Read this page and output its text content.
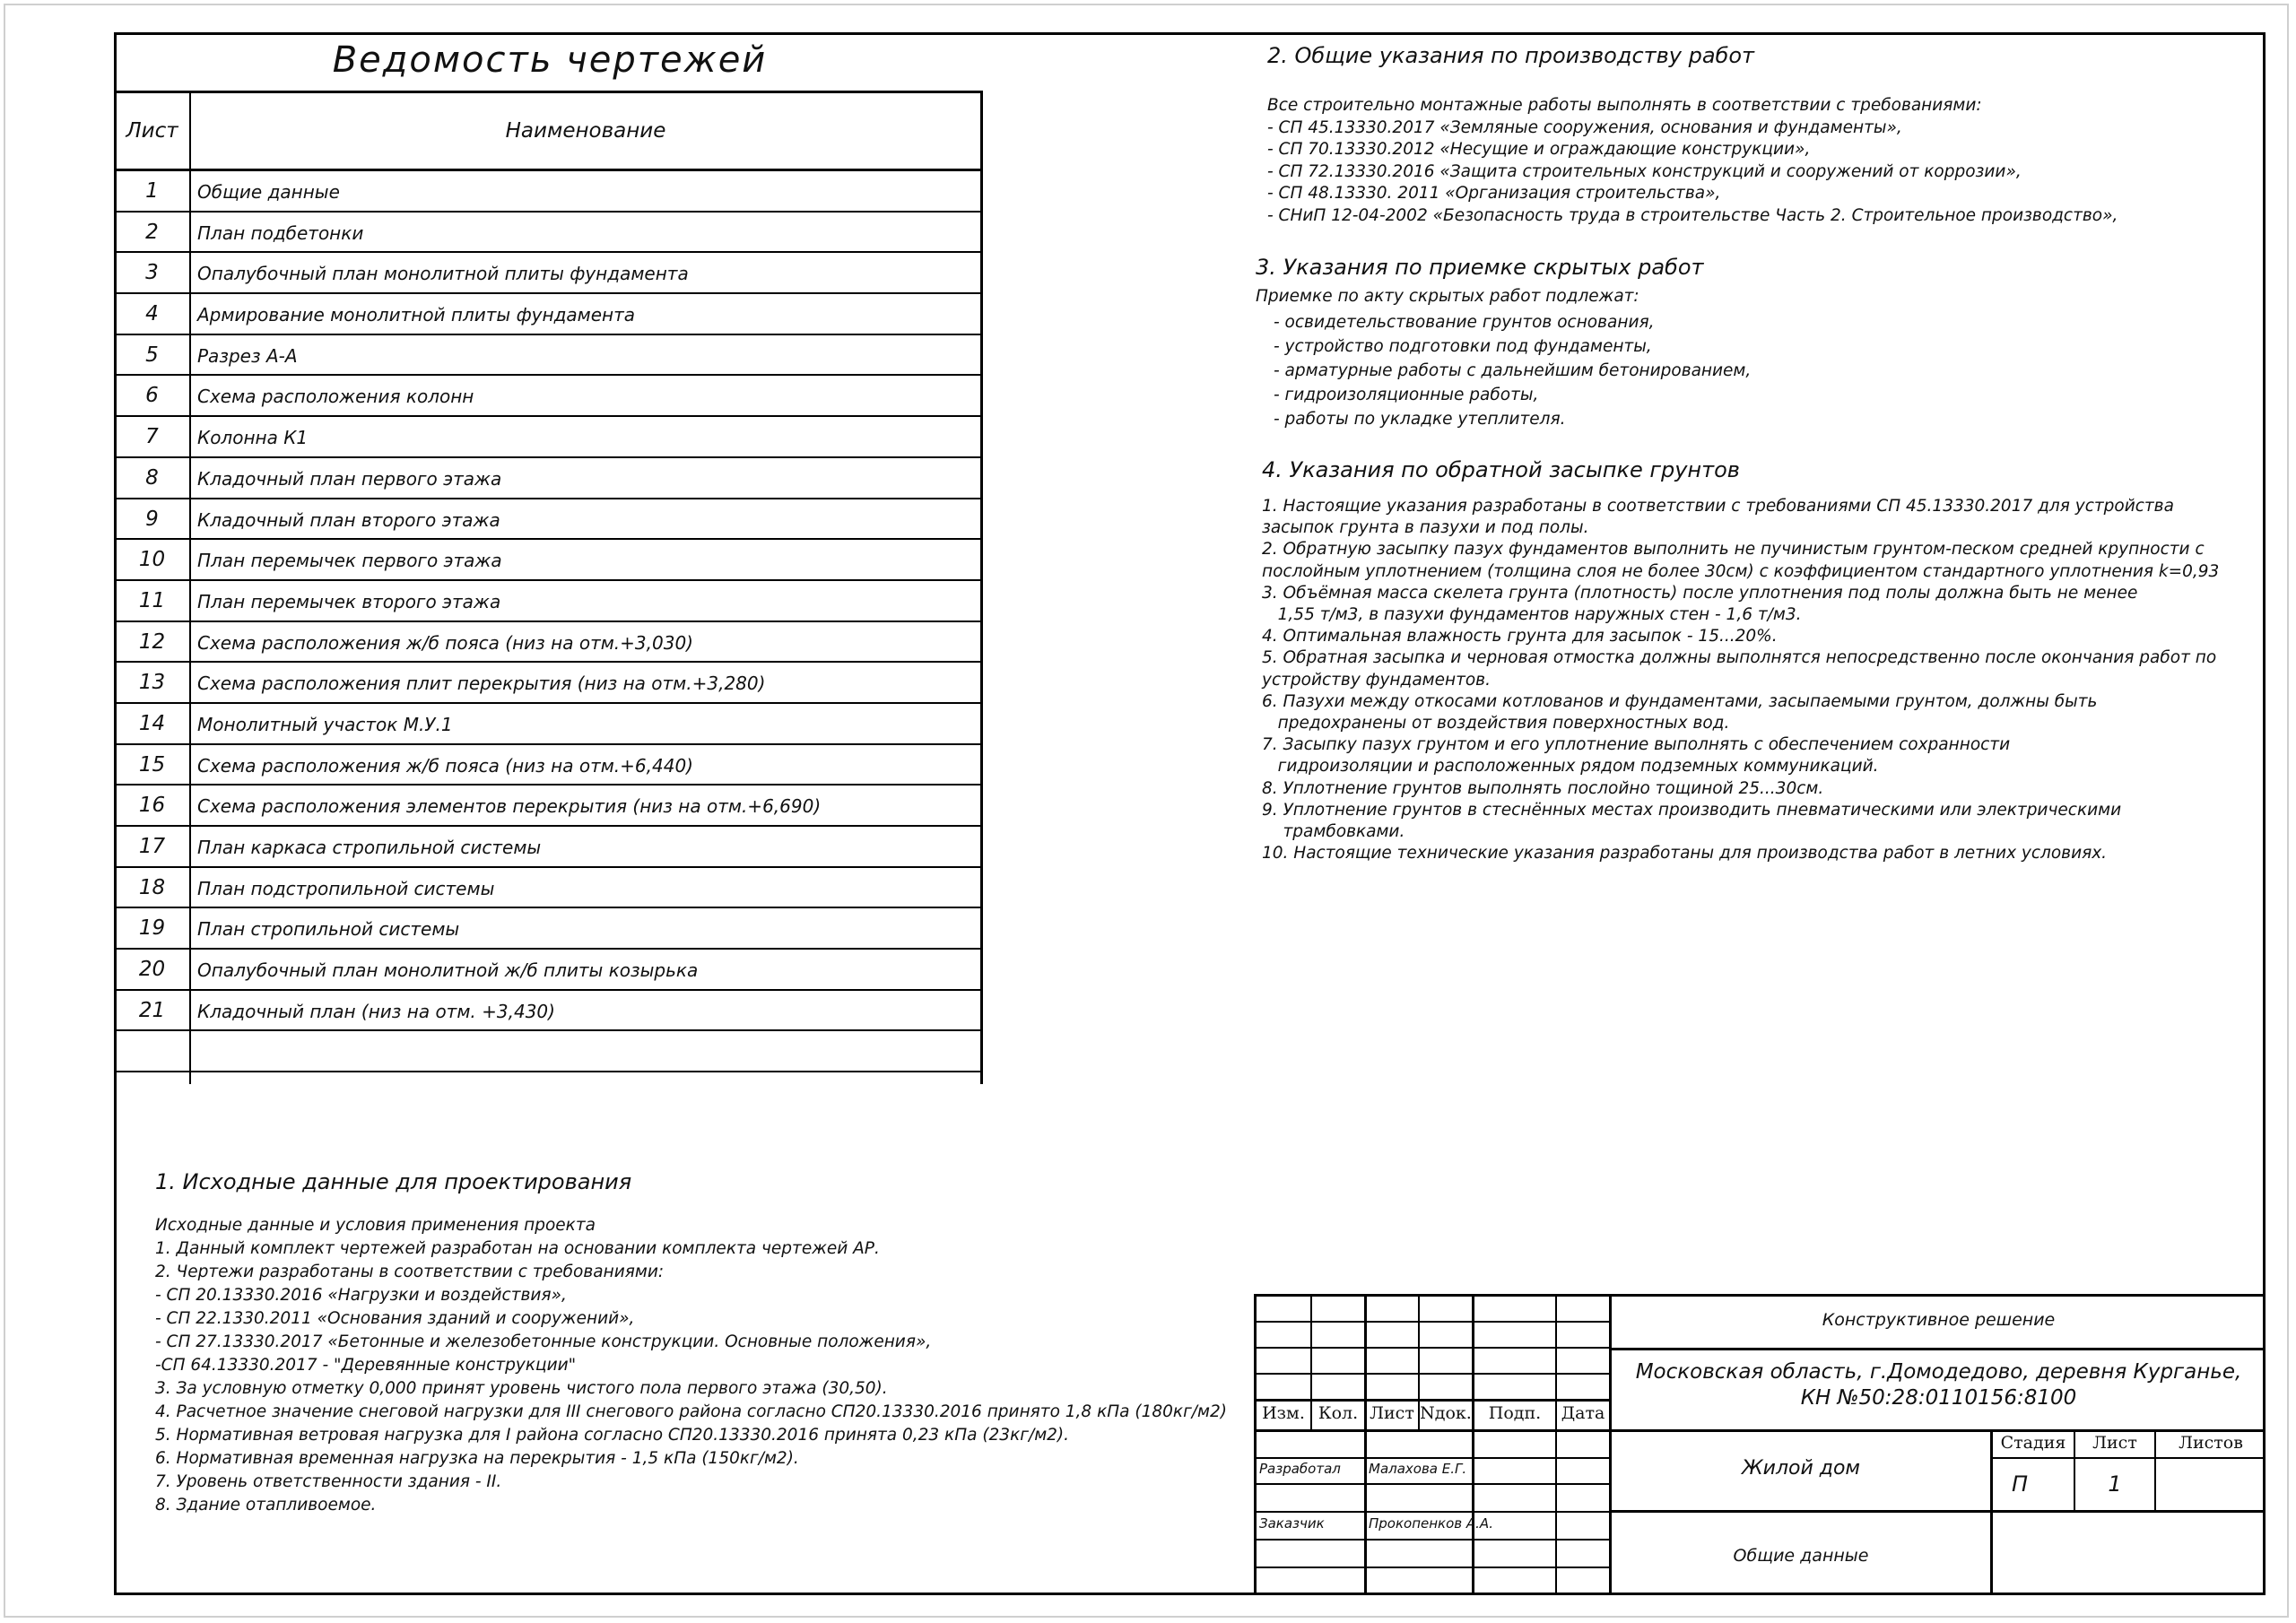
Ведомость чертежей
Лист	Наименование
1	Общие данные
2	План подбетонки
3	Опалубочный план монолитной плиты фундамента
4	Армирование монолитной плиты фундамента
5	Разрез А-А
6	Схема расположения колонн
7	Колонна К1
8	Кладочный план первого этажа
9	Кладочный план второго этажа
10	План перемычек первого этажа
11	План перемычек второго этажа
12	Схема расположения ж/б пояса (низ на отм.+3,030)
13	Схема расположения плит перекрытия (низ на отм.+3,280)
14	Монолитный участок М.У.1
15	Схема расположения ж/б пояса (низ на отм.+6,440)
16	Схема расположения элементов перекрытия (низ на отм.+6,690)
17	План каркаса стропильной системы
18	План подстропильной системы
19	План стропильной системы
20	Опалубочный план монолитной ж/б плиты козырька
21	Кладочный план (низ на отм. +3,430)
1. Исходные данные для проектирования
Исходные данные и условия применения проекта
1. Данный комплект чертежей разработан на основании комплекта чертежей АР.
2. Чертежи разработаны в соответствии с требованиями:
- СП 20.13330.2016 «Нагрузки и воздействия»,
- СП 22.1330.2011 «Основания зданий и сооружений»,
- СП 27.13330.2017 «Бетонные и железобетонные конструкции. Основные положения»,
-СП 64.13330.2017 - "Деревянные конструкции"
3. За условную отметку 0,000 принят уровень чистого пола первого этажа (30,50).
4. Расчетное значение снеговой нагрузки для III снегового района согласно СП20.13330.2016 принято 1,8 кПа (180кг/м2)
5. Нормативная ветровая нагрузка для I района согласно СП20.13330.2016 принята 0,23 кПа (23кг/м2).
6. Нормативная временная нагрузка на перекрытия - 1,5 кПа (150кг/м2).
7. Уровень ответственности здания - II.
8. Здание отапливоемое.
2. Общие указания по производству работ
Все строительно монтажные работы выполнять в соответствии с требованиями:
- СП 45.13330.2017 «Земляные сооружения, основания и фундаменты»,
- СП 70.13330.2012 «Несущие и ограждающие конструкции»,
- СП 72.13330.2016 «Защита строительных конструкций и сооружений от коррозии»,
- СП 48.13330. 2011 «Организация строительства»,
- СНиП 12-04-2002 «Безопасность труда в строительстве Часть 2. Строительное производство»,
3. Указания по приемке скрытых работ
Приемке по акту скрытых работ подлежат:
- освидетельствование грунтов основания,
- устройство подготовки под фундаменты,
- арматурные работы с дальнейшим бетонированием,
- гидроизоляционные работы,
- работы по укладке утеплителя.
4. Указания по обратной засыпке грунтов
1. Настоящие указания разработаны в соответствии с требованиями СП 45.13330.2017 для устройства
засыпок грунта в пазухи и под полы.
2. Обратную засыпку пазух фундаментов выполнить не пучинистым грунтом-песком средней крупности с
послойным уплотнением (толщина слоя не более 30см) с коэффициентом стандартного уплотнения k=0,93
3. Объёмная масса скелета грунта (плотность) после уплотнения под полы должна быть не менее
1,55 т/м3, в пазухи фундаментов наружных стен - 1,6 т/м3.
4. Оптимальная влажность грунта для засыпок - 15...20%.
5. Обратная засыпка и черновая отмостка должны выполнятся непосредственно после окончания работ по
устройству фундаментов.
6. Пазухи между откосами котлованов и фундаментами, засыпаемыми грунтом, должны быть
предохранены от воздействия поверхностных вод.
7. Засыпку пазух грунтом и его уплотнение выполнять с обеспечением сохранности
гидроизоляции и расположенных рядом подземных коммуникаций.
8. Уплотнение грунтов выполнять послойно тощиной 25...30см.
9. Уплотнение грунтов в стеснённых местах производить пневматическими или электрическими
трамбовками.
10. Настоящие технические указания разработаны для производства работ в летних условиях.
Изм. Кол. Лист Nдок. Подп.	Дата
Разработал Малахова Е.Г.
Заказчик	Прокопенков А.А.
Конструктивное решение
Московская область, г.Домодедово, деревня Курганье,
КН №50:28:0110156:8100
Жилой дом
Общие данные
Стадия	Лист	Листов
П	1
